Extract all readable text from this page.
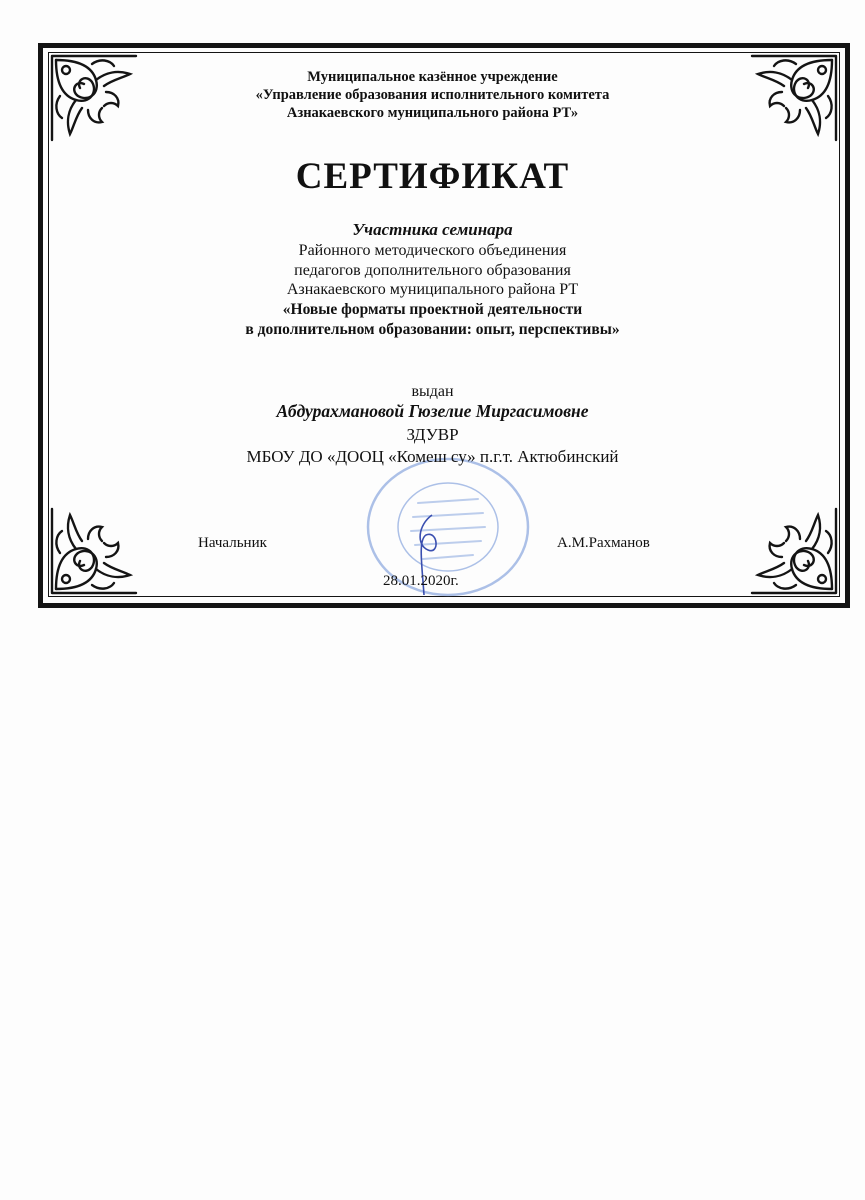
Муниципальное казённое учреждение
«Управление образования исполнительного комитета
Азнакаевского муниципального района РТ»
СЕРТИФИКАТ
Участника семинара
Районного методического объединения
педагогов дополнительного образования
Азнакаевского муниципального района РТ
«Новые форматы проектной деятельности
в дополнительном образовании: опыт, перспективы»
выдан
Абдурахмановой Гюзелие Миргасимовне
ЗДУВР
МБОУ ДО «ДООЦ «Комеш су» п.г.т. Актюбинский
Начальник	А.М.Рахманов
28.01.2020г.
